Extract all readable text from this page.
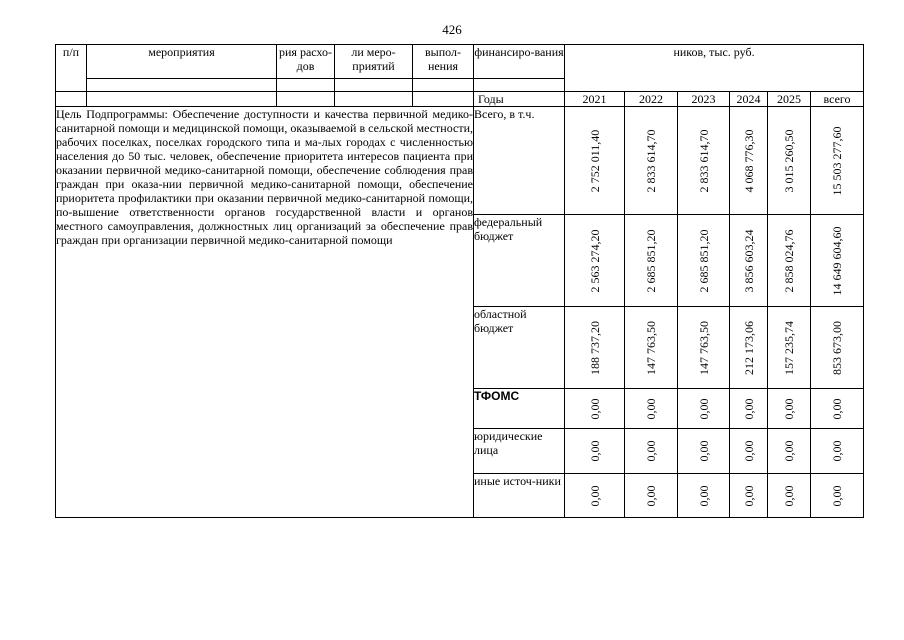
426
п/п	мероприятия	рия расхо-дов	ли меро-приятий	выпол-нения	финансиро-вания	ников, тыс. руб.					

					Годы	2021	2022	2023	2024	2025	всего
Цель Подпрограммы: Обеспечение доступности и качества первичной медико-санитарной помощи и медицинской помощи, оказываемой в сельской местности, рабочих поселках, поселках городского типа и ма-лых городах с численностью населения до 50 тыс. человек, обеспечение приоритета интересов пациента при оказании первичной медико-санитарной помощи, обеспечение соблюдения прав граждан при оказа-нии первичной медико-санитарной помощи, обеспечение приоритета профилактики при оказании первичной медико-санитарной помощи, по-вышение ответственности органов государственной власти и органов местного самоуправления, должностных лиц организаций за обеспечение прав граждан при организации первичной медико-санитарной помощи					Всего, в т.ч.	2 752 011,40	2 833 614,70	2 833 614,70	4 068 776,30	3 015 260,50	15 503 277,60

					федеральный бюджет	2 563 274,20	2 685 851,20	2 685 851,20	3 856 603,24	2 858 024,76	14 649 604,60

					областной бюджет	188 737,20	147 763,50	147 763,50	212 173,06	157 235,74	853 673,00

					ТФОМС	0,00	0,00	0,00	0,00	0,00	0,00

					юридические лица	0,00	0,00	0,00	0,00	0,00	0,00

					иные источ-ники	0,00	0,00	0,00	0,00	0,00	0,00
